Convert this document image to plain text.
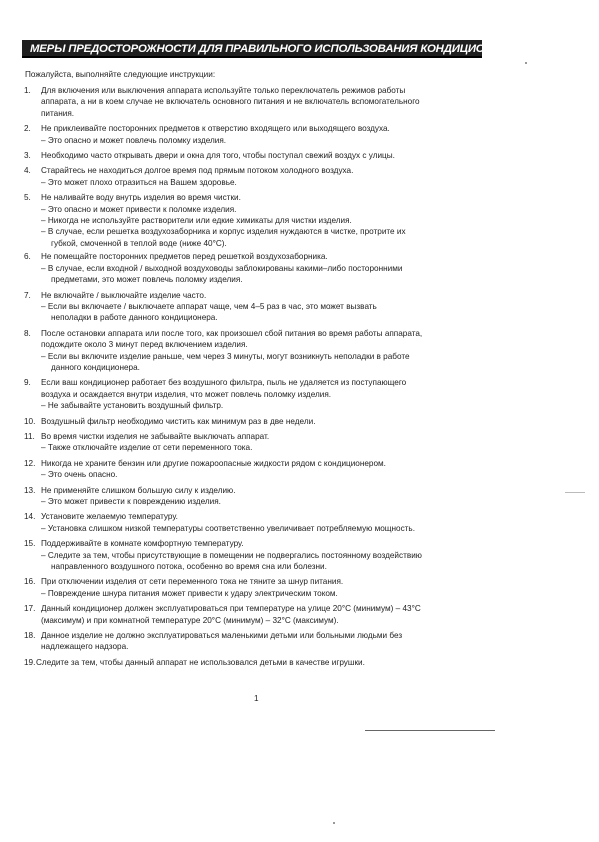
МЕРЫ ПРЕДОСТОРОЖНОСТИ ДЛЯ ПРАВИЛЬНОГО ИСПОЛЬЗОВАНИЯ КОНДИЦИОНЕРА
Пожалуйста, выполняйте следующие инструкции:
1. Для включения или выключения аппарата используйте только переключатель режимов работы
аппарата, а ни в коем случае не включатель основного питания и не включатель вспомогательного
питания.
2. Не приклеивайте посторонних предметов к отверстию входящего или выходящего воздуха.
– Это опасно и может повлечь поломку изделия.
3. Необходимо часто открывать двери и окна для того, чтобы поступал свежий воздух с улицы.
4. Старайтесь не находиться долгое время под прямым потоком холодного воздуха.
– Это может плохо отразиться на Вашем здоровье.
5. Не наливайте воду внутрь изделия во время чистки.
– Это опасно и может привести к поломке изделия.
– Никогда не используйте растворители или едкие химикаты для чистки изделия.
– В случае, если решетка воздухозаборника и корпус изделия нуждаются в чистке, протрите их
губкой, смоченной в теплой воде (ниже 40°C).
6. Не помещайте посторонних предметов перед решеткой воздухозаборника.
– В случае, если входной / выходной воздуховоды заблокированы какими–либо посторонними
предметами, это может повлечь поломку изделия.
7. Не включайте / выключайте изделие часто.
– Если вы включаете / выключаете аппарат чаще, чем 4–5 раз в час, это может вызвать
неполадки в работе данного кондиционера.
8. После остановки аппарата или после того, как произошел сбой питания во время работы аппарата,
подождите около 3 минут перед включением изделия.
– Если вы включите изделие раньше, чем через 3 минуты, могут возникнуть неполадки в работе
данного кондиционера.
9. Если ваш кондиционер работает без воздушного фильтра, пыль не удаляется из поступающего
воздуха и осаждается внутри изделия, что может повлечь поломку изделия.
– Не забывайте установить воздушный фильтр.
10. Воздушный фильтр необходимо чистить как минимум раз в две недели.
11. Во время чистки изделия не забывайте выключать аппарат.
– Также отключайте изделие от сети переменного тока.
12. Никогда не храните бензин или другие пожароопасные жидкости рядом с кондиционером.
– Это очень опасно.
13. Не применяйте слишком большую силу к изделию.
– Это может привести к повреждению изделия.
14. Установите желаемую температуру.
– Установка слишком низкой температуры соответственно увеличивает потребляемую мощность.
15. Поддерживайте в комнате комфортную температуру.
– Следите за тем, чтобы присутствующие в помещении не подвергались постоянному воздействию
направленного воздушного потока, особенно во время сна или болезни.
16. При отключении изделия от сети переменного тока не тяните за шнур питания.
– Повреждение шнура питания может привести к удару электрическим током.
17. Данный кондиционер должен эксплуатироваться при температуре на улице 20°C (минимум) – 43°C
(максимум) и при комнатной температуре 20°C (минимум) – 32°C (максимум).
18. Данное изделие не должно эксплуатироваться маленькими детьми или больными людьми без
надлежащего надзора.
19. Следите за тем, чтобы данный аппарат не использовался детьми в качестве игрушки.
1
